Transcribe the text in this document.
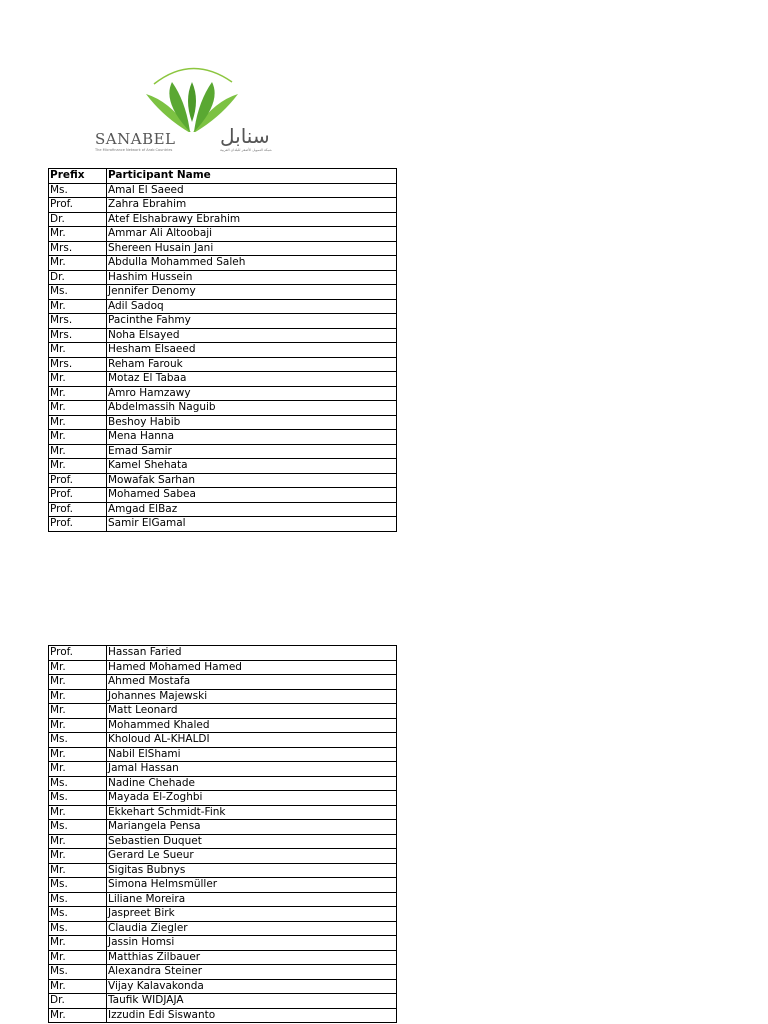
SANABEL
The Microfinance Network of Arab Countries
سنابل
شبكة التمويل الأصغر للبلدان العربية
Prefix	Participant Name
Ms.	Amal El Saeed
Prof.	Zahra Ebrahim
Dr.	Atef Elshabrawy Ebrahim
Mr.	Ammar Ali Altoobaji
Mrs.	Shereen Husain Jani
Mr.	Abdulla Mohammed Saleh
Dr.	Hashim Hussein
Ms.	Jennifer Denomy
Mr.	Adil Sadoq
Mrs.	Pacinthe Fahmy
Mrs.	Noha Elsayed
Mr.	Hesham Elsaeed
Mrs.	Reham Farouk
Mr.	Motaz El Tabaa
Mr.	Amro Hamzawy
Mr.	Abdelmassih Naguib
Mr.	Beshoy Habib
Mr.	Mena Hanna
Mr.	Emad Samir
Mr.	Kamel Shehata
Prof.	Mowafak Sarhan
Prof.	Mohamed Sabea
Prof.	Amgad ElBaz
Prof.	Samir ElGamal
Prof.	Hassan Faried
Mr.	Hamed Mohamed Hamed
Mr.	Ahmed Mostafa
Mr.	Johannes Majewski
Mr.	Matt Leonard
Mr.	Mohammed Khaled
Ms.	Kholoud AL-KHALDI
Mr.	Nabil ElShami
Mr.	Jamal Hassan
Ms.	Nadine Chehade
Ms.	Mayada El-Zoghbi
Mr.	Ekkehart Schmidt-Fink
Ms.	Mariangela Pensa
Mr.	Sebastien Duquet
Mr.	Gerard Le Sueur
Mr.	Sigitas Bubnys
Ms.	Simona Helmsmüller
Ms.	Liliane Moreira
Ms.	Jaspreet Birk
Ms.	Claudia Ziegler
Mr.	Jassin Homsi
Mr.	Matthias Zilbauer
Ms.	Alexandra Steiner
Mr.	Vijay Kalavakonda
Dr.	Taufik WIDJAJA
Mr.	Izzudin Edi Siswanto
